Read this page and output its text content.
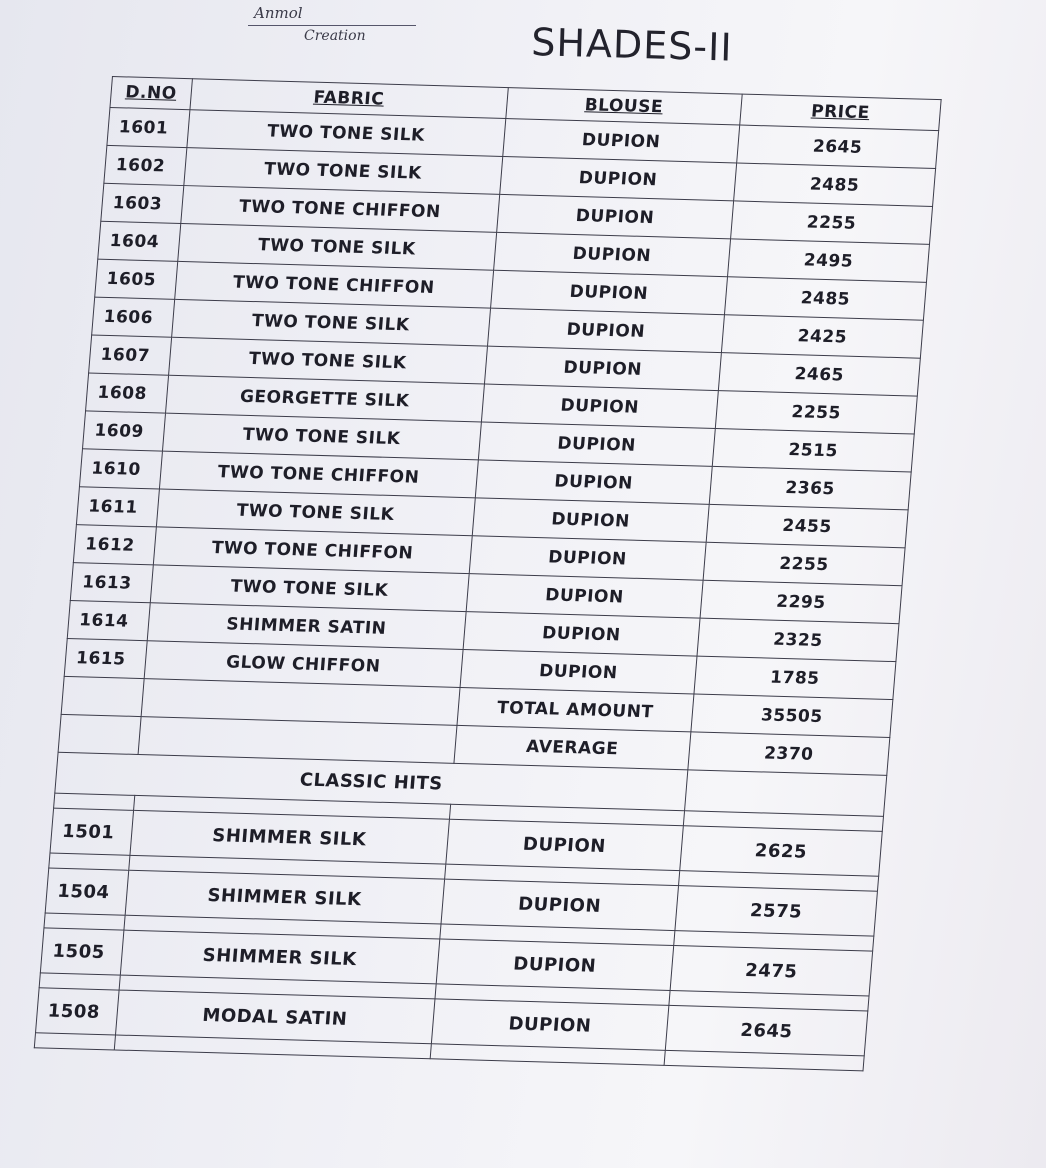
Anmol
Creation	SHADES-II
D.NO	FABRIC	BLOUSE	PRICE
1601	TWO TONE SILK	DUPION	2645
1602	TWO TONE SILK	DUPION	2485
1603	TWO TONE CHIFFON	DUPION	2255
1604	TWO TONE SILK	DUPION	2495
1605	TWO TONE CHIFFON	DUPION	2485
1606	TWO TONE SILK	DUPION	2425
1607	TWO TONE SILK	DUPION	2465
1608	GEORGETTE SILK	DUPION	2255
1609	TWO TONE SILK	DUPION	2515
1610	TWO TONE CHIFFON	DUPION	2365
1611	TWO TONE SILK	DUPION	2455
1612	TWO TONE CHIFFON	DUPION	2255
1613	TWO TONE SILK	DUPION	2295
1614	SHIMMER SATIN	DUPION	2325
1615	GLOW CHIFFON	DUPION	1785
		TOTAL AMOUNT	35505
		AVERAGE	2370
CLASSIC HITS			

1501	SHIMMER SILK	DUPION	2625

1504	SHIMMER SILK	DUPION	2575

1505	SHIMMER SILK	DUPION	2475

1508	MODAL SATIN	DUPION	2645
